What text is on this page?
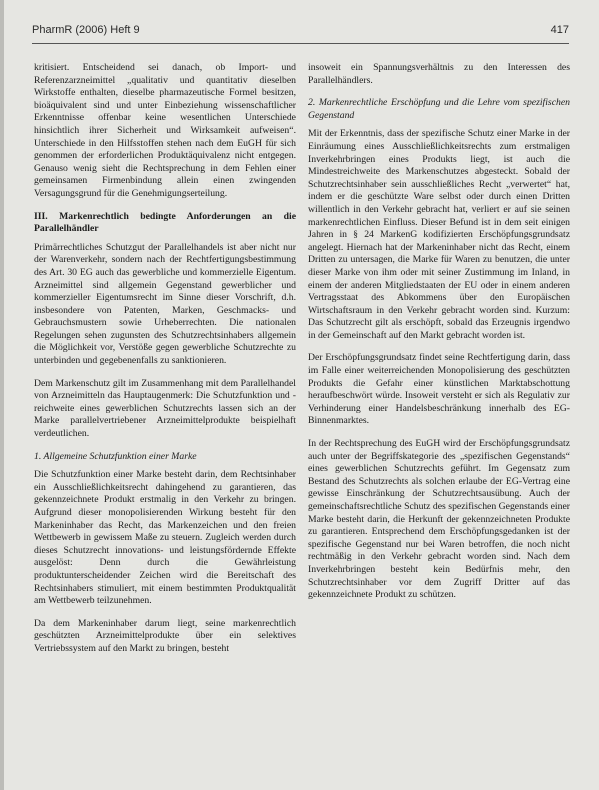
PharmR (2006) Heft 9	417

kritisiert. Entscheidend sei danach, ob Import- und Referenzarzneimittel „qualitativ und quantitativ dieselben Wirkstoffe enthalten, dieselbe pharmazeutische Formel besitzen, bioäquivalent sind und unter Einbeziehung wissenschaftlicher Erkenntnisse offenbar keine wesentlichen Unterschiede hinsichtlich ihrer Sicherheit und Wirksamkeit aufweisen“. Unterschiede in den Hilfsstoffen stehen nach dem EuGH für sich genommen der erforderlichen Produktäquivalenz nicht entgegen. Genauso wenig sieht die Rechtsprechung in dem Fehlen einer gemeinsamen Firmenbindung allein einen zwingenden Versagungsgrund für die Genehmigungserteilung.

III. Markenrechtlich bedingte Anforderungen an die Parallelhändler

Primärrechtliches Schutzgut der Parallelhandels ist aber nicht nur der Warenverkehr, sondern nach der Rechtfertigungsbestimmung des Art. 30 EG auch das gewerbliche und kommerzielle Eigentum. Arzneimittel sind allgemein Gegenstand gewerblicher und kommerzieller Eigentumsrecht im Sinne dieser Vorschrift, d.h. insbesondere von Patenten, Marken, Geschmacks- und Gebrauchsmustern sowie Urheberrechten. Die nationalen Regelungen sehen zugunsten des Schutzrechtsinhabers allgemein die Möglichkeit vor, Verstöße gegen gewerbliche Schutzrechte zu unterbinden und gegebenenfalls zu sanktionieren.

Dem Markenschutz gilt im Zusammenhang mit dem Parallelhandel von Arzneimitteln das Hauptaugenmerk: Die Schutzfunktion und -reichweite eines gewerblichen Schutzrechts lassen sich an der Marke parallelvertriebener Arzneimittelprodukte beispielhaft verdeutlichen.

1. Allgemeine Schutzfunktion einer Marke

Die Schutzfunktion einer Marke besteht darin, dem Rechtsinhaber ein Ausschließlichkeitsrecht dahingehend zu garantieren, das gekennzeichnete Produkt erstmalig in den Verkehr zu bringen. Aufgrund dieser monopolisierenden Wirkung besteht für den Markeninhaber das Recht, das Markenzeichen und den freien Wettbewerb in gewissem Maße zu steuern. Zugleich werden durch dieses Schutzrecht innovations- und leistungsfördernde Effekte ausgelöst: Denn durch die Gewährleistung produktunterscheidender Zeichen wird die Bereitschaft des Rechtsinhabers stimuliert, mit einem bestimmten Produktqualität am Wettbewerb teilzunehmen.

Da dem Markeninhaber darum liegt, seine markenrechtlich geschützten Arzneimittelprodukte über ein selektives Vertriebssystem auf den Markt zu bringen, besteht

insoweit ein Spannungsverhältnis zu den Interessen des Parallelhändlers.

2. Markenrechtliche Erschöpfung und die Lehre vom spezifischen Gegenstand

Mit der Erkenntnis, dass der spezifische Schutz einer Marke in der Einräumung eines Ausschließlichkeitsrechts zum erstmaligen Inverkehrbringen eines Produkts liegt, ist auch die Mindestreichweite des Markenschutzes abgesteckt. Sobald der Schutzrechtsinhaber sein ausschließliches Recht „verwertet“ hat, indem er die geschützte Ware selbst oder durch einen Dritten willentlich in den Verkehr gebracht hat, verliert er auf sie seinen markenrechtlichen Einfluss. Dieser Befund ist in dem seit einigen Jahren in § 24 MarkenG kodifizierten Erschöpfungsgrundsatz angelegt. Hiernach hat der Markeninhaber nicht das Recht, einem Dritten zu untersagen, die Marke für Waren zu benutzen, die unter dieser Marke von ihm oder mit seiner Zustimmung im Inland, in einem der anderen Mitgliedstaaten der EU oder in einem anderen Vertragsstaat des Abkommens über den Europäischen Wirtschaftsraum in den Verkehr gebracht worden sind. Kurzum: Das Schutzrecht gilt als erschöpft, sobald das Erzeugnis irgendwo in der Gemeinschaft auf den Markt gebracht worden ist.

Der Erschöpfungsgrundsatz findet seine Rechtfertigung darin, dass im Falle einer weiterreichenden Monopolisierung des geschützten Produkts die Gefahr einer künstlichen Marktabschottung heraufbeschwört würde. Insoweit versteht er sich als Regulativ zur Verhinderung einer Handelsbeschränkung innerhalb des EG-Binnenmarktes.

In der Rechtsprechung des EuGH wird der Erschöpfungsgrundsatz auch unter der Begriffskategorie des „spezifischen Gegenstands“ eines gewerblichen Schutzrechts geführt. Im Gegensatz zum Bestand des Schutzrechts als solchen erlaube der EG-Vertrag eine gewisse Einschränkung der Schutzrechtsausübung. Auch der gemeinschaftsrechtliche Schutz des spezifischen Gegenstands einer Marke besteht darin, die Herkunft der gekennzeichneten Produkte zu garantieren. Entsprechend dem Erschöpfungsgedanken ist der spezifische Gegenstand nur bei Waren betroffen, die noch nicht rechtmäßig in den Verkehr gebracht worden sind. Nach dem Inverkehrbringen besteht kein Bedürfnis mehr, den Schutzrechtsinhaber vor dem Zugriff Dritter auf das gekennzeichnete Produkt zu schützen.
